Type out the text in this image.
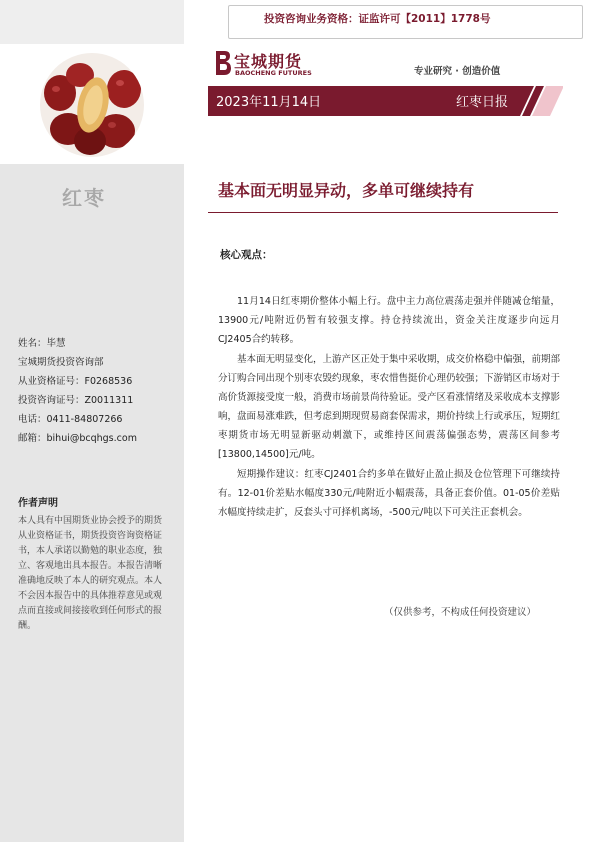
红枣
姓名：毕慧
宝城期货投资咨询部
从业资格证号：F0268536
投资咨询证号：Z0011311
电话：0411-84807266
邮箱：bihui@bcqhgs.com
作者声明
本人具有中国期货业协会授予的期货从业资格证书，期货投资咨询资格证书，本人承诺以勤勉的职业态度，独立、客观地出具本报告。本报告清晰准确地反映了本人的研究观点。本人不会因本报告中的具体推荐意见或观点而直接或间接接收到任何形式的报酬。
投资咨询业务资格：证监许可【2011】1778号
宝城期货
BAOCHENG FUTURES	专业研究 · 创造价值
2023年11月14日	红枣日报
基本面无明显异动，多单可继续持有
核心观点：

11月14日红枣期价整体小幅上行。盘中主力高位震荡走强并伴随减仓缩量，13900元/吨附近仍暂有较强支撑。持仓持续流出，资金关注度逐步向远月CJ2405合约转移。

基本面无明显变化，上游产区正处于集中采收期，成交价格稳中偏强，前期部分订购合同出现个别枣农毁约现象，枣农惜售挺价心理仍较强；下游销区市场对于高价货源接受度一般，消费市场前景尚待验证。受产区看涨情绪及采收成本支撑影响，盘面易涨难跌，但考虑到期现贸易商套保需求，期价持续上行或承压，短期红枣期货市场无明显新驱动刺激下，或维持区间震荡偏强态势，震荡区间参考[13800,14500]元/吨。

短期操作建议：红枣CJ2401合约多单在做好止盈止损及仓位管理下可继续持有。12-01价差贴水幅度330元/吨附近小幅震荡，具备正套价值。01-05价差贴水幅度持续走扩，反套头寸可择机离场，-500元/吨以下可关注正套机会。

（仅供参考，不构成任何投资建议）
